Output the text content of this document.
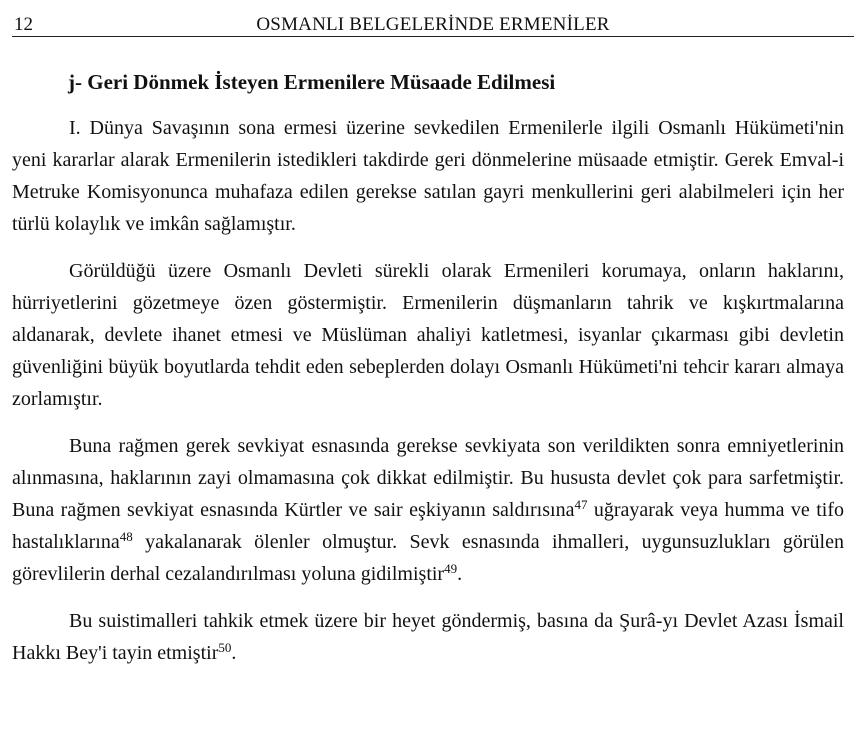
12	OSMANLI BELGELERİNDE ERMENİLER
j- Geri Dönmek İsteyen Ermenilere Müsaade Edilmesi

I. Dünya Savaşının sona ermesi üzerine sevkedilen Ermenilerle ilgili Osmanlı Hükümeti'nin yeni kararlar alarak Ermenilerin istedikleri takdirde geri dönmelerine müsaade etmiştir. Gerek Emval-i Metruke Komisyonunca muhafaza edilen gerekse satılan gayri menkullerini geri alabilmeleri için her türlü kolaylık ve imkân sağlamıştır.

Görüldüğü üzere Osmanlı Devleti sürekli olarak Ermenileri korumaya, onların haklarını, hürriyetlerini gözetmeye özen göstermiştir. Ermenilerin düşmanların tahrik ve kışkırtmalarına aldanarak, devlete ihanet etmesi ve Müslüman ahaliyi katletmesi, isyanlar çıkarması gibi devletin güvenliğini büyük boyutlarda tehdit eden sebeplerden dolayı Osmanlı Hükümeti'ni tehcir kararı almaya zorlamıştır.

Buna rağmen gerek sevkiyat esnasında gerekse sevkiyata son verildikten sonra emniyetlerinin alınmasına, haklarının zayi olmamasına çok dikkat edilmiştir. Bu hususta devlet çok para sarfetmiştir. Buna rağmen sevkiyat esnasında Kürtler ve sair eşkiyanın saldırısına$^{47}$ uğrayarak veya humma ve tifo hastalıklarına$^{48}$ yakalanarak ölenler olmuştur. Sevk esnasında ihmalleri, uygunsuzlukları görülen görevlilerin derhal cezalandırılması yoluna gidilmiştir$^{49}$.

Bu suistimalleri tahkik etmek üzere bir heyet göndermiş, basına da Şurâ-yı Devlet Azası İsmail Hakkı Bey'i tayin etmiştir$^{50}$.
